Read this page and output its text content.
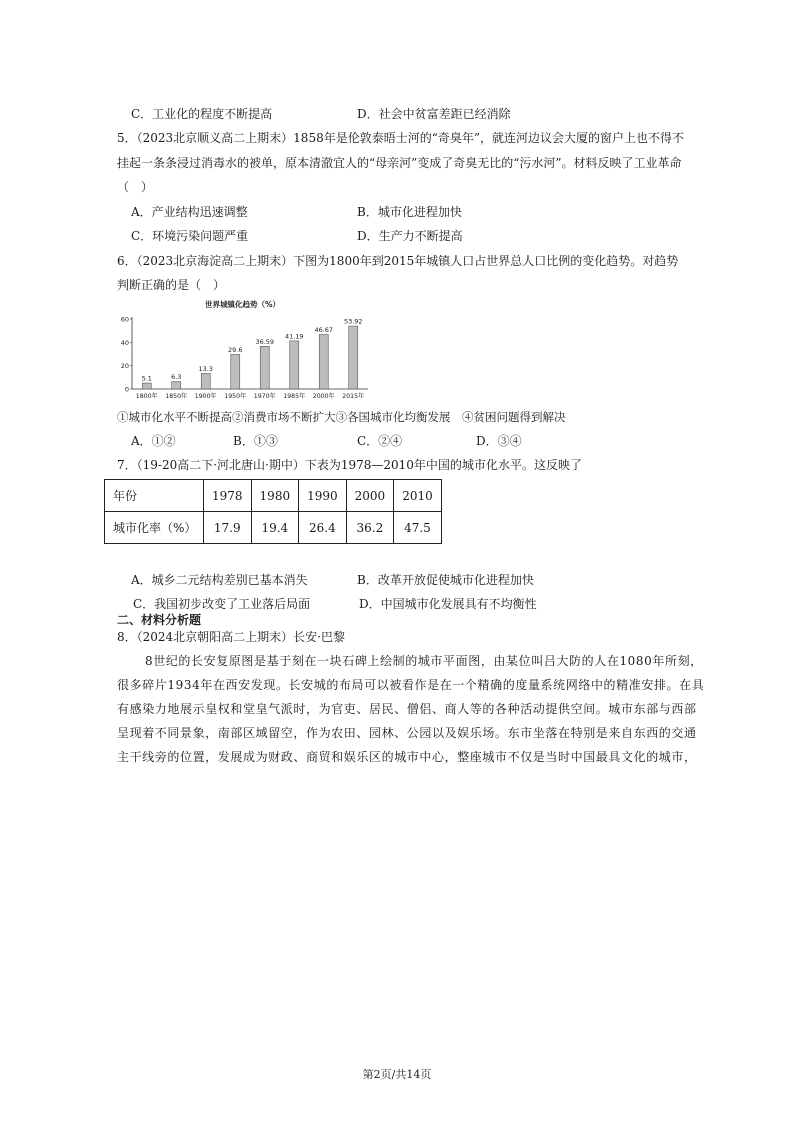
C．工业化的程度不断提高	D．社会中贫富差距已经消除
5．（2023北京顺义高二上期末）1858年是伦敦泰晤士河的“奇臭年”，就连河边议会大厦的窗户上也不得不
挂起一条条浸过消毒水的被单，原本清澈宜人的“母亲河”变成了奇臭无比的“污水河”。材料反映了工业革命
（　）
A．产业结构迅速调整	B．城市化进程加快
C．环境污染问题严重	D．生产力不断提高
6．（2023北京海淀高二上期末）下图为1800年到2015年城镇人口占世界总人口比例的变化趋势。对趋势
判断正确的是（　）
世界城镇化趋势（%）
0
20
40
60
5.1
1800年
6.3
1850年
13.3
1900年
29.6
1950年
36.59
1970年
41.19
1985年
46.67
2000年
53.92
2015年
①城市化水平不断提高②消费市场不断扩大③各国城市化均衡发展　④贫困问题得到解决
A．①②	B．①③	C．②④	D．③④
7．（19-20高二下·河北唐山·期中）下表为1978—2010年中国的城市化水平。这反映了
年份	1978	1980	1990	2000	2010
城市化率（%）	17.9	19.4	26.4	36.2	47.5
A．城乡二元结构差别已基本消失	B．改革开放促使城市化进程加快
C．我国初步改变了工业落后局面	D．中国城市化发展具有不均衡性
二、材料分析题
8．（2024北京朝阳高二上期末）长安·巴黎
8世纪的长安复原图是基于刻在一块石碑上绘制的城市平面图，由某位叫吕大防的人在1080年所刻，
很多碎片1934年在西安发现。长安城的布局可以被看作是在一个精确的度量系统网络中的精准安排。在具
有感染力地展示皇权和堂皇气派时，为官吏、居民、僧侣、商人等的各种活动提供空间。城市东部与西部
呈现着不同景象，南部区域留空，作为农田、园林、公园以及娱乐场。东市坐落在特别是来自东西的交通
主干线旁的位置，发展成为财政、商贸和娱乐区的城市中心，整座城市不仅是当时中国最具文化的城市，
第2页/共14页
